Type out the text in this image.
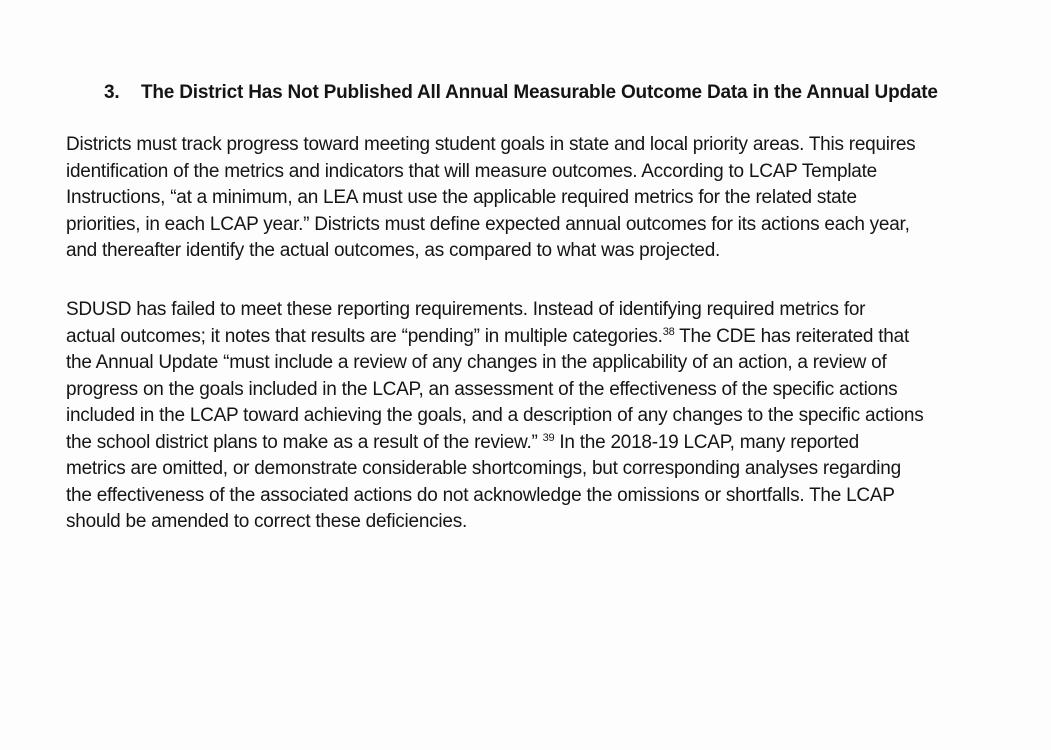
3. The District Has Not Published All Annual Measurable Outcome Data in the Annual Update
Districts must track progress toward meeting student goals in state and local priority areas. This requires
identification of the metrics and indicators that will measure outcomes. According to LCAP Template
Instructions, “at a minimum, an LEA must use the applicable required metrics for the related state
priorities, in each LCAP year.” Districts must define expected annual outcomes for its actions each year,
and thereafter identify the actual outcomes, as compared to what was projected.
SDUSD has failed to meet these reporting requirements. Instead of identifying required metrics for
actual outcomes; it notes that results are “pending” in multiple categories.$^{38}$ The CDE has reiterated that
the Annual Update “must include a review of any changes in the applicability of an action, a review of
progress on the goals included in the LCAP, an assessment of the effectiveness of the specific actions
included in the LCAP toward achieving the goals, and a description of any changes to the specific actions
the school district plans to make as a result of the review.” $^{39}$ In the 2018-19 LCAP, many reported
metrics are omitted, or demonstrate considerable shortcomings, but corresponding analyses regarding
the effectiveness of the associated actions do not acknowledge the omissions or shortfalls. The LCAP
should be amended to correct these deficiencies.
